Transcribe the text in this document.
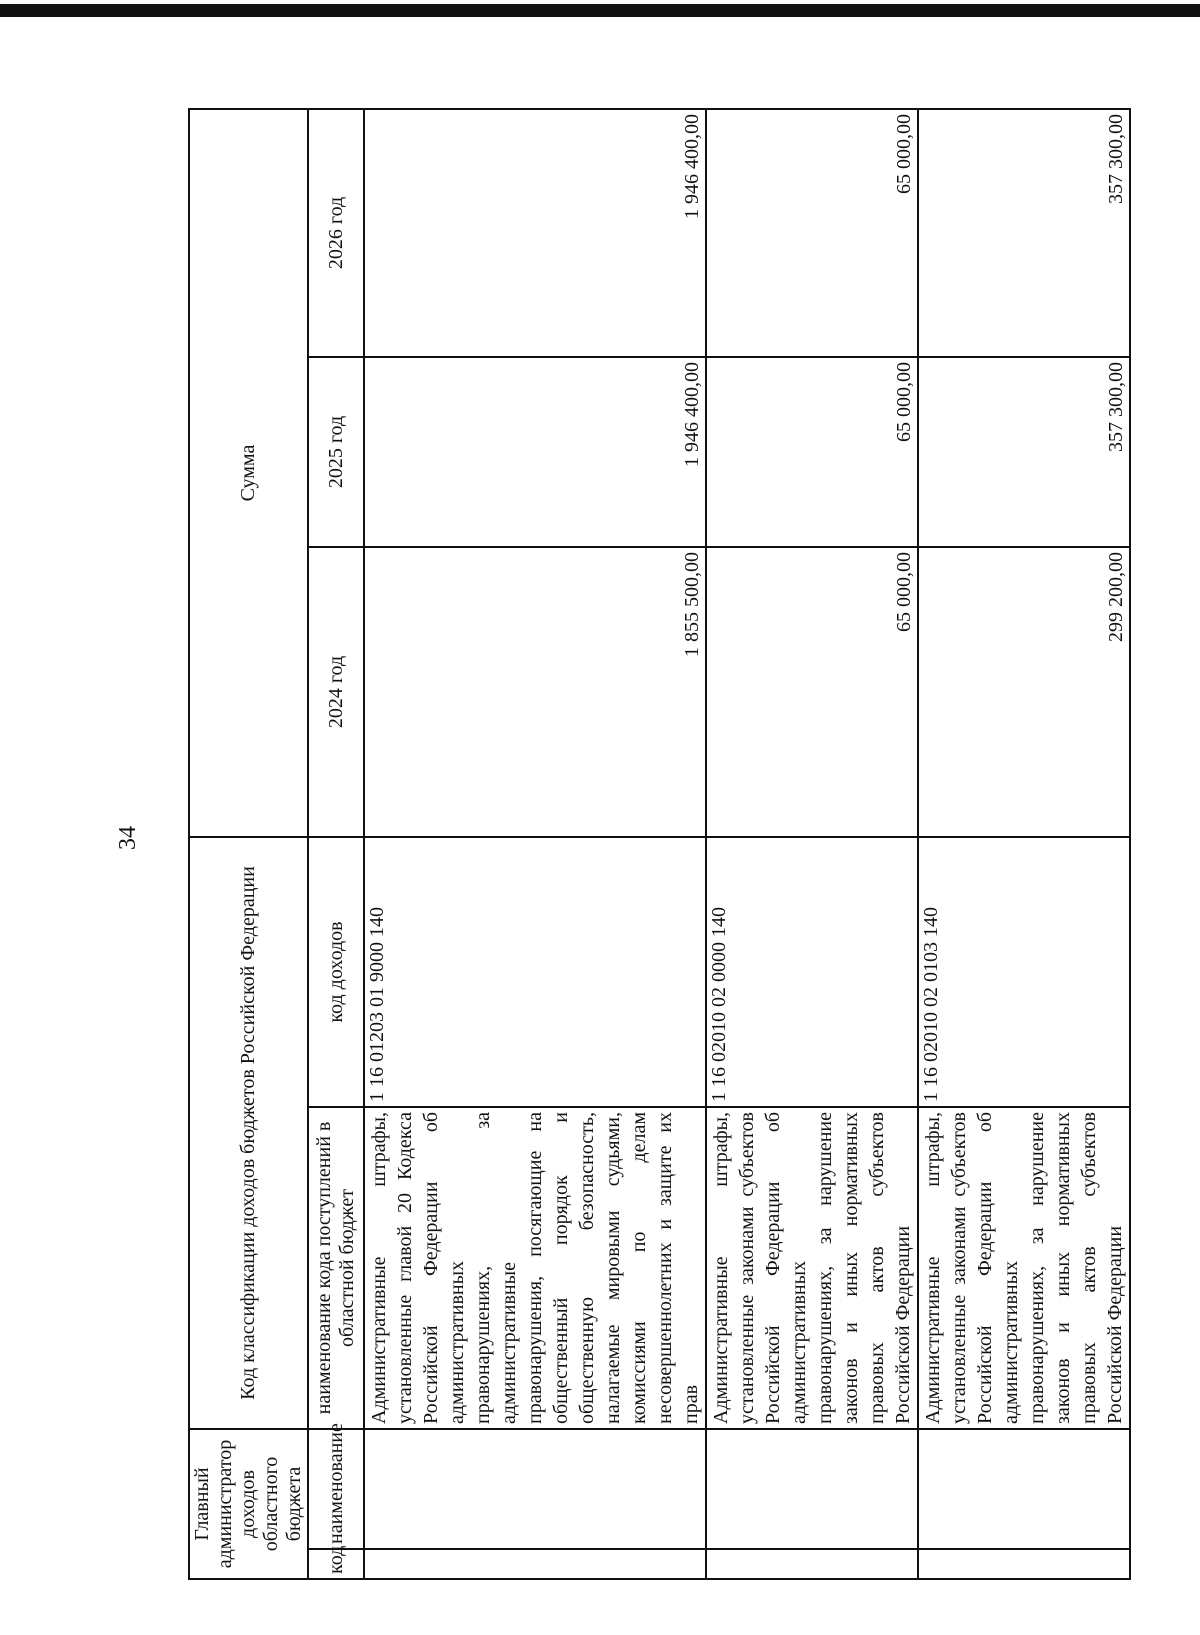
34
Главный администратор доходов областного бюджета		Код классификации доходов бюджетов Российской Федерации		Сумма		
код	наименование	наименование кода поступлений в областной бюджет	код доходов	2024 год	2025 год	2026 год
		Административные штрафы, установленные главой 20 Кодекса Российской Федерации об административных правонарушениях, за административные правонарушения, посягающие на общественный порядок и общественную безопасность, налагаемые мировыми судьями, комиссиями по делам несовершеннолетних и защите их прав	1 16 01203 01 9000 140	1 855 500,00	1 946 400,00	1 946 400,00
		Административные штрафы, установленные законами субъектов Российской Федерации об административных правонарушениях, за нарушение законов и иных нормативных правовых актов субъектов Российской Федерации	1 16 02010 02 0000 140	65 000,00	65 000,00	65 000,00
		Административные штрафы, установленные законами субъектов Российской Федерации об административных правонарушениях, за нарушение законов и иных нормативных правовых актов субъектов Российской Федерации	1 16 02010 02 0103 140	299 200,00	357 300,00	357 300,00
